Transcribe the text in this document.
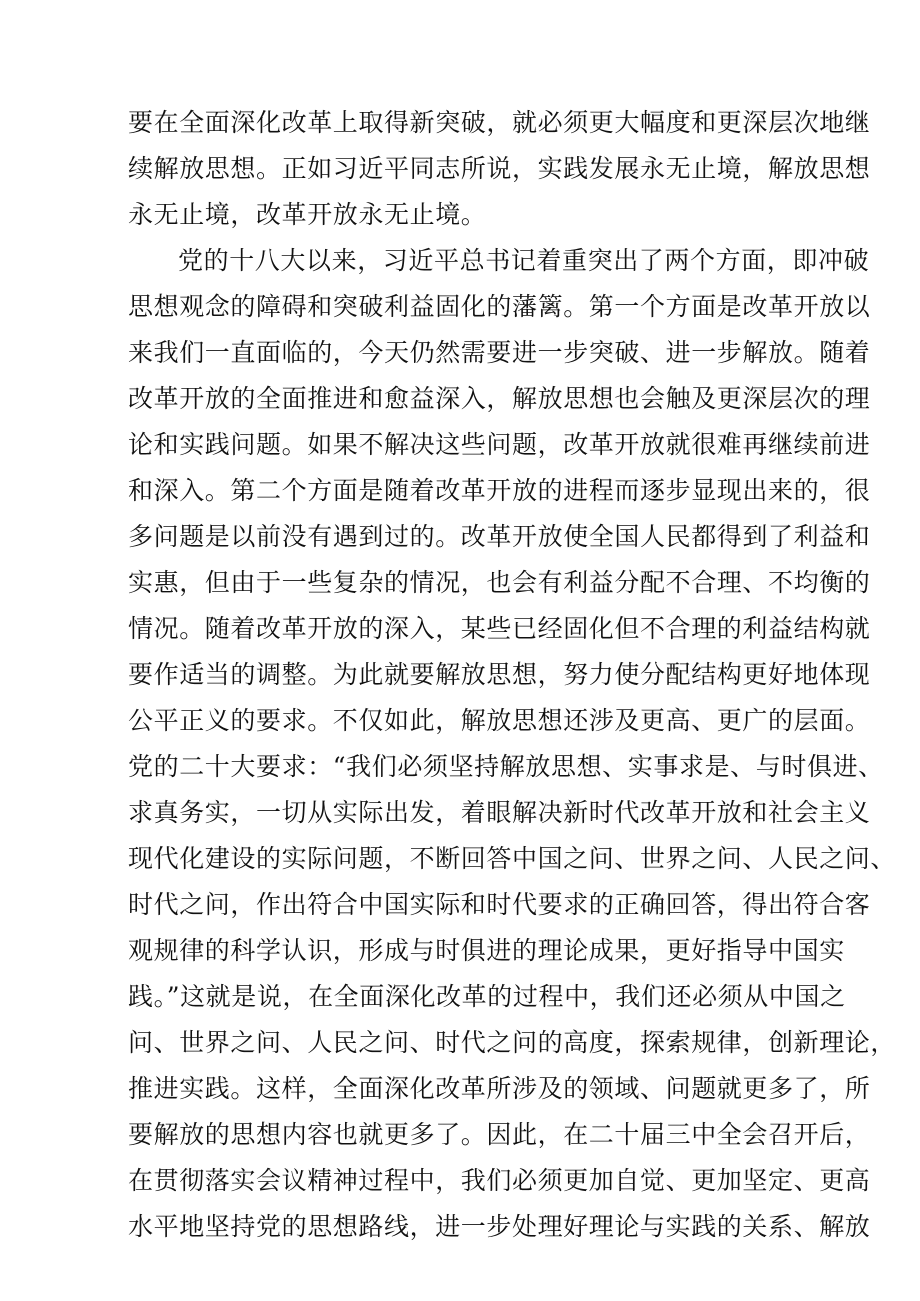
要在全面深化改革上取得新突破，就必须更大幅度和更深层次地继
续解放思想。正如习近平同志所说，实践发展永无止境，解放思想
永无止境，改革开放永无止境。
党的十八大以来，习近平总书记着重突出了两个方面，即冲破
思想观念的障碍和突破利益固化的藩篱。第一个方面是改革开放以
来我们一直面临的，今天仍然需要进一步突破、进一步解放。随着
改革开放的全面推进和愈益深入，解放思想也会触及更深层次的理
论和实践问题。如果不解决这些问题，改革开放就很难再继续前进
和深入。第二个方面是随着改革开放的进程而逐步显现出来的，很
多问题是以前没有遇到过的。改革开放使全国人民都得到了利益和
实惠，但由于一些复杂的情况，也会有利益分配不合理、不均衡的
情况。随着改革开放的深入，某些已经固化但不合理的利益结构就
要作适当的调整。为此就要解放思想，努力使分配结构更好地体现
公平正义的要求。不仅如此，解放思想还涉及更高、更广的层面。
党的二十大要求：“我们必须坚持解放思想、实事求是、与时俱进、
求真务实，一切从实际出发，着眼解决新时代改革开放和社会主义
现代化建设的实际问题，不断回答中国之问、世界之问、人民之问、
时代之问，作出符合中国实际和时代要求的正确回答，得出符合客
观规律的科学认识，形成与时俱进的理论成果，更好指导中国实
践。”这就是说，在全面深化改革的过程中，我们还必须从中国之
问、世界之问、人民之问、时代之问的高度，探索规律，创新理论，
推进实践。这样，全面深化改革所涉及的领域、问题就更多了，所
要解放的思想内容也就更多了。因此，在二十届三中全会召开后，
在贯彻落实会议精神过程中，我们必须更加自觉、更加坚定、更高
水平地坚持党的思想路线，进一步处理好理论与实践的关系、解放
